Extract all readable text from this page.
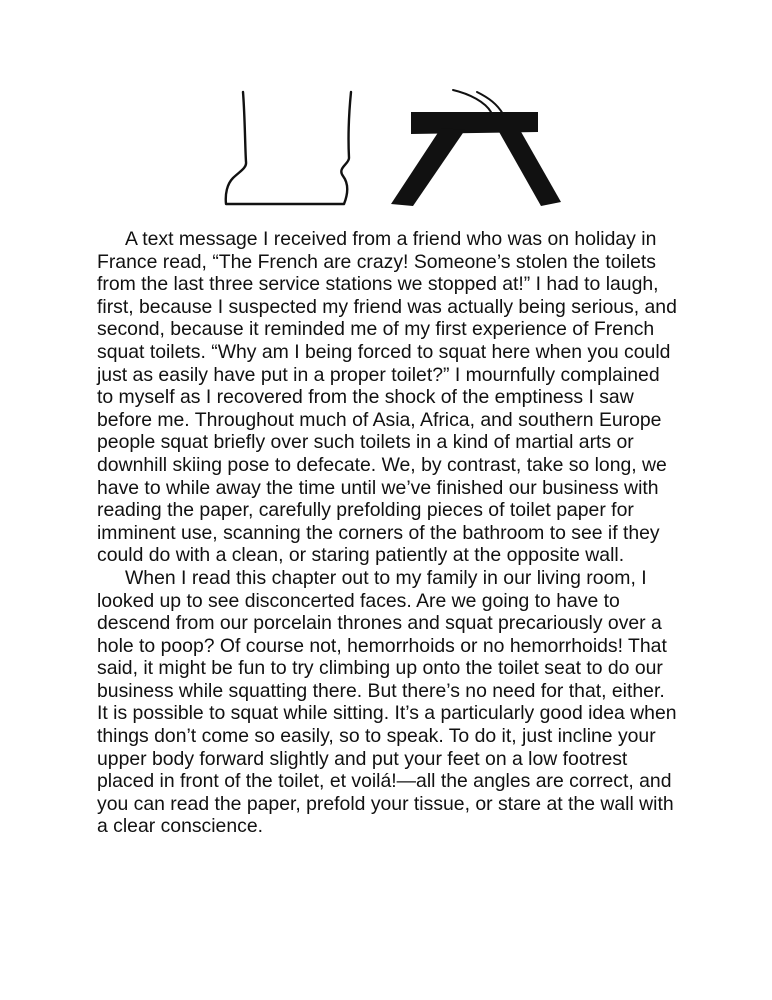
A text message I received from a friend who was on holiday in France read, “The French are crazy! Someone’s stolen the toilets from the last three service stations we stopped at!” I had to laugh, first, because I suspected my friend was actually being serious, and second, because it reminded me of my first experience of French squat toilets. “Why am I being forced to squat here when you could just as easily have put in a proper toilet?” I mournfully complained to myself as I recovered from the shock of the emptiness I saw before me. Throughout much of Asia, Africa, and southern Europe people squat briefly over such toilets in a kind of martial arts or downhill skiing pose to defecate. We, by contrast, take so long, we have to while away the time until we’ve finished our business with reading the paper, carefully prefolding pieces of toilet paper for imminent use, scanning the corners of the bathroom to see if they could do with a clean, or staring patiently at the opposite wall.

When I read this chapter out to my family in our living room, I looked up to see disconcerted faces. Are we going to have to descend from our porcelain thrones and squat precariously over a hole to poop? Of course not, hemorrhoids or no hemorrhoids! That said, it might be fun to try climbing up onto the toilet seat to do our business while squatting there. But there’s no need for that, either. It is possible to squat while sitting. It’s a particularly good idea when things don’t come so easily, so to speak. To do it, just incline your upper body forward slightly and put your feet on a low footrest placed in front of the toilet, et voilá!—all the angles are correct, and you can read the paper, prefold your tissue, or stare at the wall with a clear conscience.
